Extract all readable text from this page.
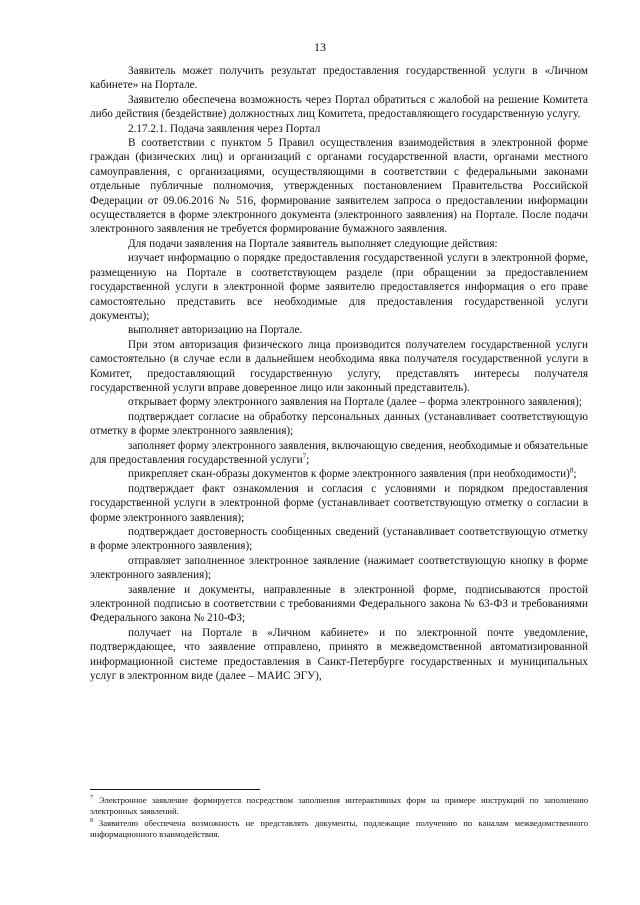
13

Заявитель может получить результат предоставления государственной услуги в «Личном кабинете» на Портале.

Заявителю обеспечена возможность через Портал обратиться с жалобой на решение Комитета либо действия (бездействие) должностных лиц Комитета, предоставляющего государственную услугу.

2.17.2.1. Подача заявления через Портал

В соответствии с пунктом 5 Правил осуществления взаимодействия в электронной форме граждан (физических лиц) и организаций с органами государственной власти, органами местного самоуправления, с организациями, осуществляющими в соответствии с федеральными законами отдельные публичные полномочия, утвержденных постановлением Правительства Российской Федерации от 09.06.2016 № 516, формирование заявителем запроса о предоставлении информации осуществляется в форме электронного документа (электронного заявления) на Портале. После подачи электронного заявления не требуется формирование бумажного заявления.

Для подачи заявления на Портале заявитель выполняет следующие действия:

изучает информацию о порядке предоставления государственной услуги в электронной форме, размещенную на Портале в соответствующем разделе (при обращении за предоставлением государственной услуги в электронной форме заявителю предоставляется информация о его праве самостоятельно представить все необходимые для предоставления государственной услуги документы);

выполняет авторизацию на Портале.

При этом авторизация физического лица производится получателем государственной услуги самостоятельно (в случае если в дальнейшем необходима явка получателя государственной услуги в Комитет, предоставляющий государственную услугу, представлять интересы получателя государственной услуги вправе доверенное лицо или законный представитель).

открывает форму электронного заявления на Портале (далее – форма электронного заявления);

подтверждает согласие на обработку персональных данных (устанавливает соответствующую отметку в форме электронного заявления);

заполняет форму электронного заявления, включающую сведения, необходимые и обязательные для предоставления государственной услуги$^7$;

прикрепляет скан-образы документов к форме электронного заявления (при необходимости)$^8$;

подтверждает факт ознакомления и согласия с условиями и порядком предоставления государственной услуги в электронной форме (устанавливает соответствующую отметку о согласии в форме электронного заявления);

подтверждает достоверность сообщенных сведений (устанавливает соответствующую отметку в форме электронного заявления);

отправляет заполненное электронное заявление (нажимает соответствующую кнопку в форме электронного заявления);

заявление и документы, направленные в электронной форме, подписываются простой электронной подписью в соответствии с требованиями Федерального закона № 63-ФЗ и требованиями Федерального закона № 210-ФЗ;

получает на Портале в «Личном кабинете» и по электронной почте уведомление, подтверждающее, что заявление отправлено, принято в межведомственной автоматизированной информационной системе предоставления в Санкт-Петербурге государственных и муниципальных услуг в электронном виде (далее – МАИС ЭГУ),

$^7$ Электронное заявление формируется посредством заполнения интерактивных форм на примере инструкций по заполнению электронных заявлений.

$^8$ Заявителю обеспечена возможность не представлять документы, подлежащие получению по каналам межведомственного информационного взаимодействия.
